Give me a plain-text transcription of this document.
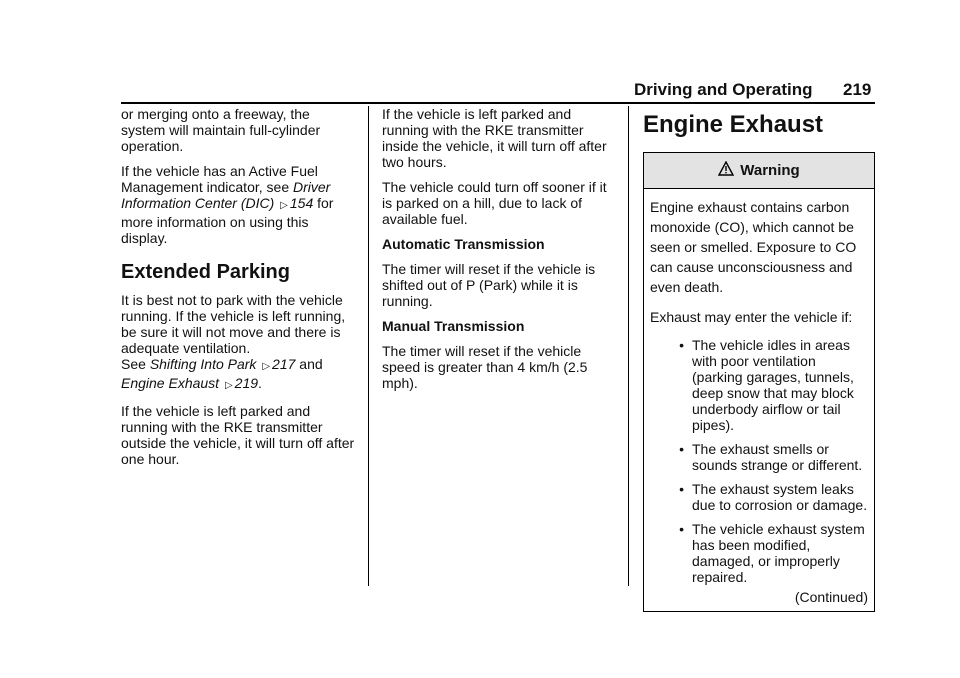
Driving and Operating 219

or merging onto a freeway, the system will maintain full-cylinder operation.

If the vehicle has an Active Fuel Management indicator, see Driver Information Center (DIC) ▷ 154 for more information on using this display.

Extended Parking

It is best not to park with the vehicle running. If the vehicle is left running, be sure it will not move and there is adequate ventilation.
See Shifting Into Park ▷ 217 and
Engine Exhaust ▷ 219.

If the vehicle is left parked and running with the RKE transmitter outside the vehicle, it will turn off after one hour.

If the vehicle is left parked and running with the RKE transmitter inside the vehicle, it will turn off after two hours.

The vehicle could turn off sooner if it is parked on a hill, due to lack of available fuel.

Automatic Transmission

The timer will reset if the vehicle is shifted out of P (Park) while it is running.

Manual Transmission

The timer will reset if the vehicle speed is greater than 4 km/h (2.5 mph).

Engine Exhaust
Warning

Engine exhaust contains carbon monoxide (CO), which cannot be seen or smelled. Exposure to CO can cause unconsciousness and even death.

Exhaust may enter the vehicle if:

• The vehicle idles in areas with poor ventilation (parking garages, tunnels, deep snow that may block underbody airflow or tail pipes).
• The exhaust smells or sounds strange or different.
• The exhaust system leaks due to corrosion or damage.
• The vehicle exhaust system has been modified, damaged, or improperly repaired.
(Continued)
